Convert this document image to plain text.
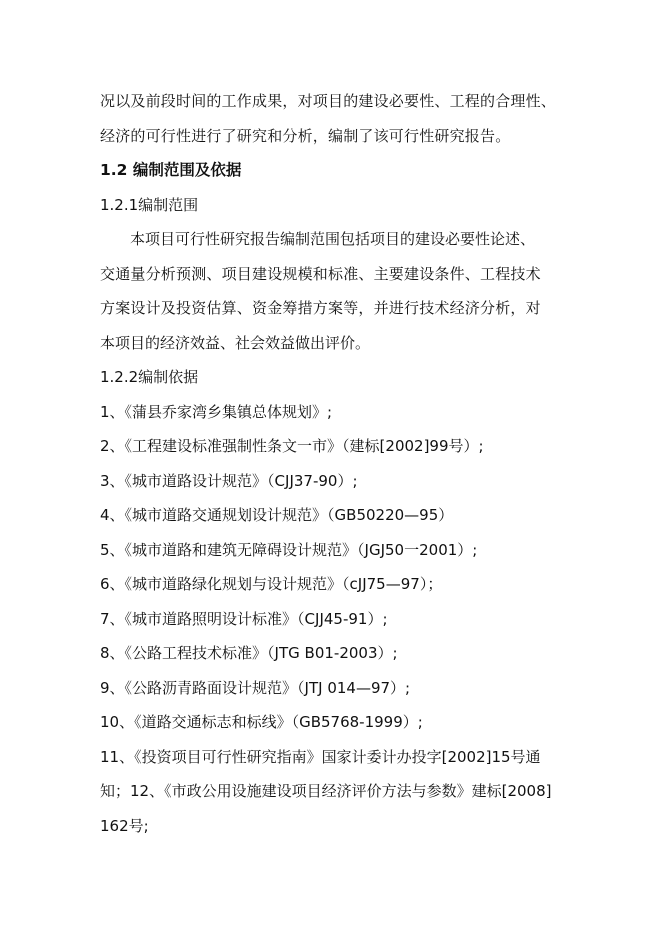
况以及前段时间的工作成果，对项目的建设必要性、工程的合理性、
经济的可行性进行了研究和分析，编制了该可行性研究报告。
1.2 编制范围及依据
1.2.1编制范围
本项目可行性研究报告编制范围包括项目的建设必要性论述、
交通量分析预测、项目建设规模和标准、主要建设条件、工程技术
方案设计及投资估算、资金筹措方案等，并进行技术经济分析，对
本项目的经济效益、社会效益做出评价。
1.2.2编制依据
1、《蒲县乔家湾乡集镇总体规划》;
2、《工程建设标准强制性条文一市》（建标[2002]99号）;
3、《城市道路设计规范》（CJJ37-90）;
4、《城市道路交通规划设计规范》（GB50220—95）
5、《城市道路和建筑无障碍设计规范》（JGJ50一2001）;
6、《城市道路绿化规划与设计规范》（cJJ75—97）；
7、《城市道路照明设计标准》（CJJ45-91）;
8、《公路工程技术标准》（JTG B01-2003）;
9、《公路沥青路面设计规范》（JTJ 014—97）;
10、《道路交通标志和标线》（GB5768-1999）;
11、《投资项目可行性研究指南》国家计委计办投字[2002]15号通
知；12、《市政公用设施建设项目经济评价方法与参数》建标[2008]
162号;
